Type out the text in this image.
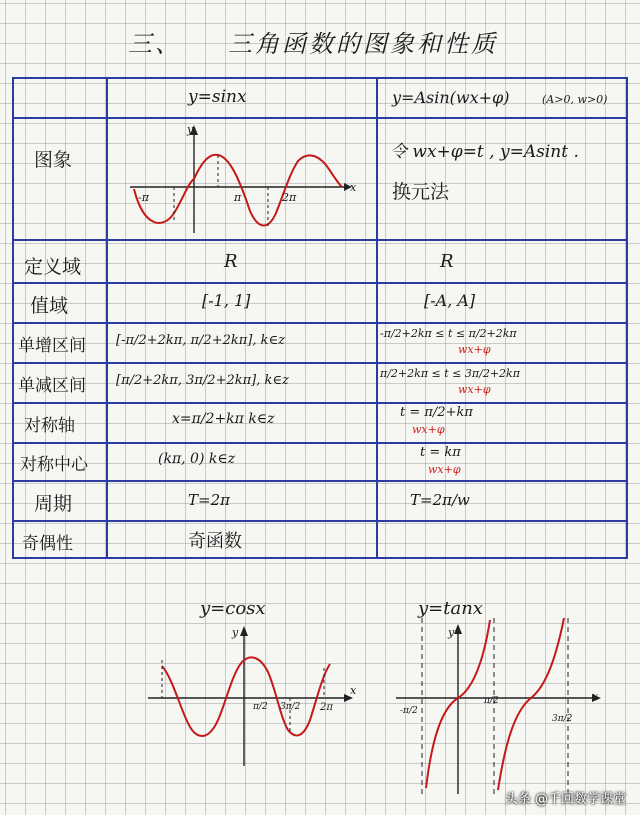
三、 三角函数的图象和性质
y=sinx	y=Asin(wx+φ)	(A>0, w>0)
图象
y
x
-π	π	2π
令 wx+φ=t , y=Asint .
换元法
定义域	R	R
值域	[-1, 1]	[-A, A]
单增区间 [-π/2+2kπ, π/2+2kπ], k∈z	-π/2+2kπ ≤ t ≤ π/2+2kπ
wx+φ
单减区间 [π/2+2kπ, 3π/2+2kπ], k∈z	π/2+2kπ ≤ t ≤ 3π/2+2kπ
wx+φ
对称轴	x=π/2+kπ k∈z	t = π/2+kπ
wx+φ
对称中心	(kπ, 0) k∈z	t = kπ
wx+φ
周期	T=2π	T=2π/w
奇偶性	奇函数
y=cosx
y
x
π/2 3π/2 2π
y=tanx
y
x
-π/2
π/2
3π/2
头条 @千回数学课堂
